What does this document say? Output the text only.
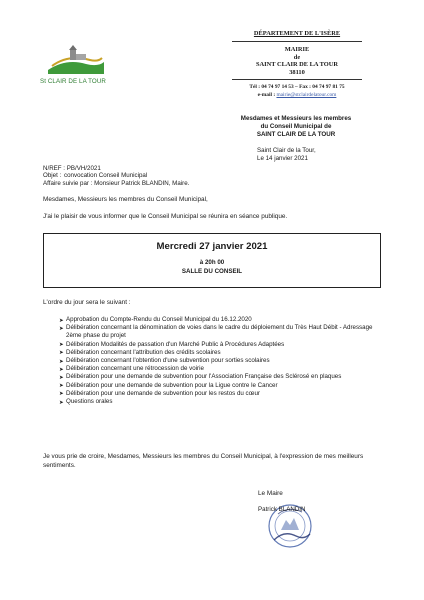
St CLAIR DE LA TOUR
DÉPARTEMENT DE L'ISÈRE
MAIRIE
de
SAINT CLAIR DE LA TOUR
38110
Tél : 04 74 97 14 53 – Fax : 04 74 97 81 75
e-mail : mairie@stclairdelatour.com
Mesdames et Messieurs les membres
du Conseil Municipal de
SAINT CLAIR DE LA TOUR
Saint Clair de la Tour,
Le 14 janvier 2021
N/REF : PB/VH/2021
Objet : convocation Conseil Municipal
Affaire suivie par : Monsieur Patrick BLANDIN, Maire.
Mesdames, Messieurs les membres du Conseil Municipal,
J'ai le plaisir de vous informer que le Conseil Municipal se réunira en séance publique.
Mercredi 27 janvier 2021
à 20h 00
SALLE DU CONSEIL
L'ordre du jour sera le suivant :
➤ Approbation du Compte-Rendu du Conseil Municipal du 16.12.2020
➤ Délibération concernant la dénomination de voies dans le cadre du déploiement du Très Haut Débit - Adressage 2ème phase du projet
➤ Délibération Modalités de passation d'un Marché Public à Procédures Adaptées
➤ Délibération concernant l'attribution des crédits scolaires
➤ Délibération concernant l'obtention d'une subvention pour sorties scolaires
➤ Délibération concernant une rétrocession de voirie
➤ Délibération pour une demande de subvention pour l'Association Française des Sclérosé en plaques
➤ Délibération pour une demande de subvention pour la Ligue contre le Cancer
➤ Délibération pour une demande de subvention pour les restos du cœur
➤ Questions orales
Je vous prie de croire, Mesdames, Messieurs les membres du Conseil Municipal, à l'expression de mes meilleurs sentiments.
Le Maire
Patrick BLANDIN
